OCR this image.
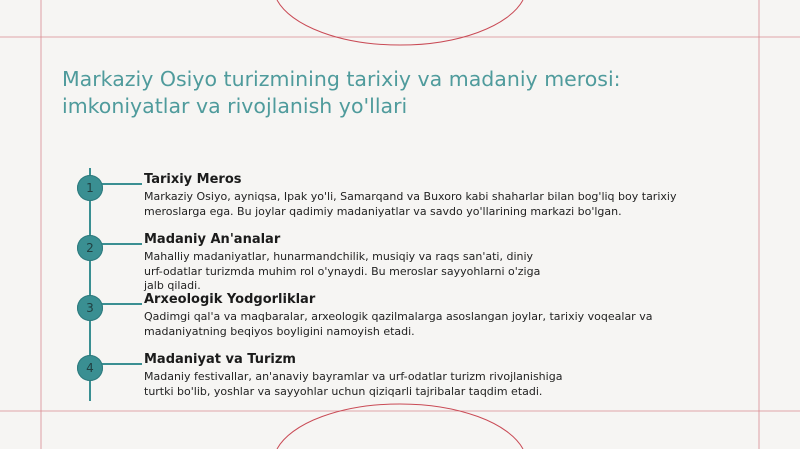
Markaziy Osiyo turizmining tarixiy va madaniy merosi: imkoniyatlar va rivojlanish yo'llari
1
Tarixiy Meros

Markaziy Osiyo, ayniqsa, Ipak yo'li, Samarqand va Buxoro kabi shaharlar bilan bog'liq boy tarixiy meroslarga ega. Bu joylar qadimiy madaniyatlar va savdo yo'llarining markazi bo'lgan.

2
Madaniy An'analar

Mahalliy madaniyatlar, hunarmandchilik, musiqiy va raqs san'ati, diniy urf-odatlar turizmda muhim rol o'ynaydi. Bu meroslar sayyohlarni o'ziga jalb qiladi.

3
Arxeologik Yodgorliklar

Qadimgi qal'a va maqbaralar, arxeologik qazilmalarga asoslangan joylar, tarixiy voqealar va madaniyatning beqiyos boyligini namoyish etadi.

4
Madaniyat va Turizm

Madaniy festivallar, an'anaviy bayramlar va urf-odatlar turizm rivojlanishiga turtki bo'lib, yoshlar va sayyohlar uchun qiziqarli tajribalar taqdim etadi.
